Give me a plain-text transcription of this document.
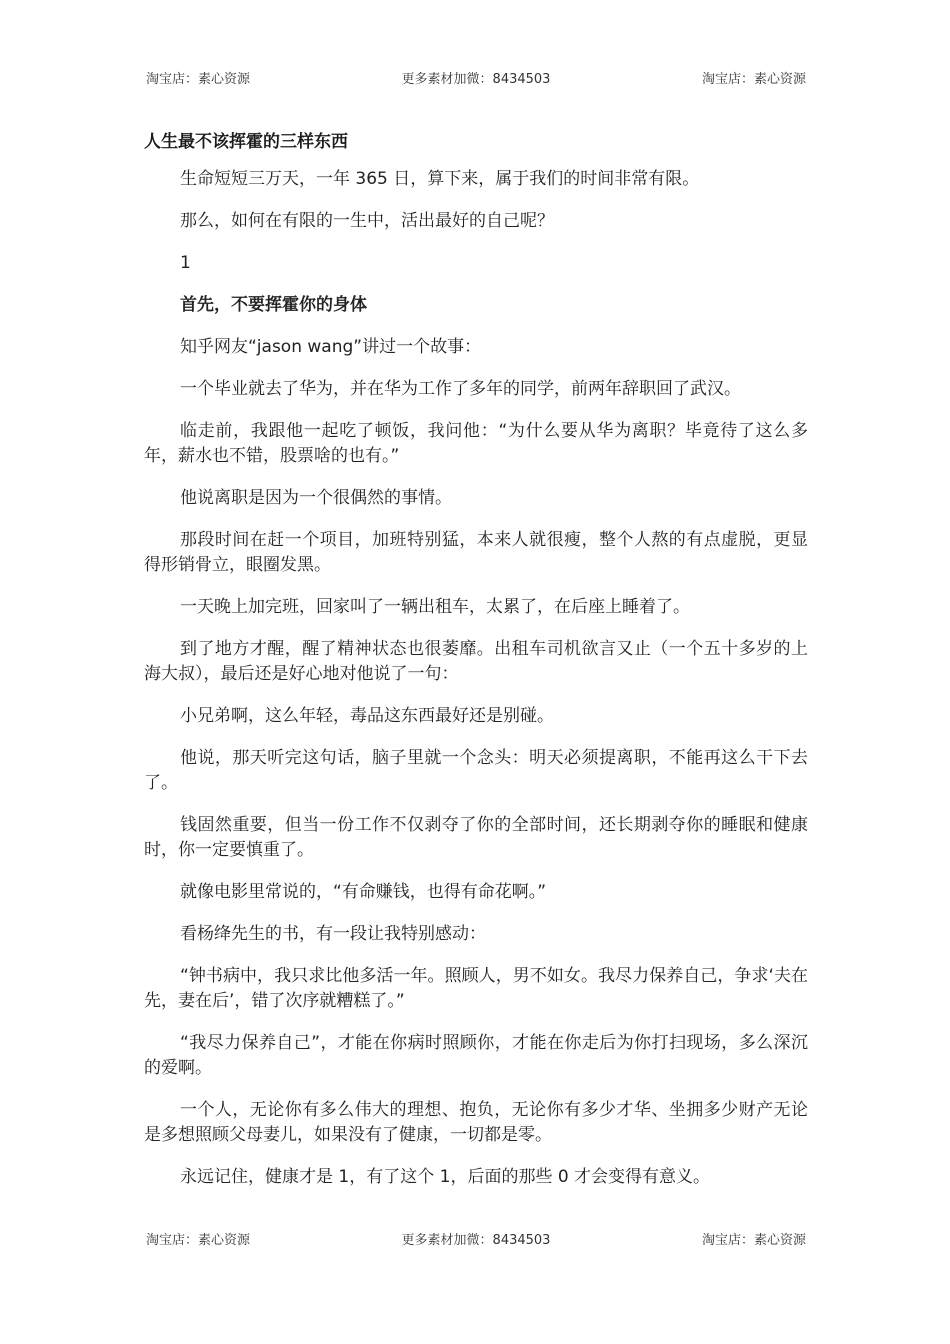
淘宝店：素心资源	更多素材加微：8434503	淘宝店：素心资源
人生最不该挥霍的三样东西

生命短短三万天，一年 365 日，算下来，属于我们的时间非常有限。

那么，如何在有限的一生中，活出最好的自己呢？

1

首先，不要挥霍你的身体

知乎网友“jason wang”讲过一个故事：

一个毕业就去了华为，并在华为工作了多年的同学，前两年辞职回了武汉。

临走前，我跟他一起吃了顿饭，我问他：“为什么要从华为离职？毕竟待了这么多年，薪水也不错，股票啥的也有。”

他说离职是因为一个很偶然的事情。

那段时间在赶一个项目，加班特别猛，本来人就很瘦，整个人熬的有点虚脱，更显得形销骨立，眼圈发黑。

一天晚上加完班，回家叫了一辆出租车，太累了，在后座上睡着了。

到了地方才醒，醒了精神状态也很萎靡。出租车司机欲言又止（一个五十多岁的上海大叔），最后还是好心地对他说了一句：

小兄弟啊，这么年轻，毒品这东西最好还是别碰。

他说，那天听完这句话，脑子里就一个念头：明天必须提离职，不能再这么干下去了。

钱固然重要，但当一份工作不仅剥夺了你的全部时间，还长期剥夺你的睡眠和健康时，你一定要慎重了。

就像电影里常说的，“有命赚钱，也得有命花啊。”

看杨绛先生的书，有一段让我特别感动：

“钟书病中，我只求比他多活一年。照顾人，男不如女。我尽力保养自己，争求‘夫在先，妻在后’，错了次序就糟糕了。”

“我尽力保养自己”，才能在你病时照顾你，才能在你走后为你打扫现场，多么深沉的爱啊。

一个人，无论你有多么伟大的理想、抱负，无论你有多少才华、坐拥多少财产无论是多想照顾父母妻儿，如果没有了健康，一切都是零。

永远记住，健康才是 1，有了这个 1，后面的那些 0 才会变得有意义。

淘宝店：素心资源	更多素材加微：8434503	淘宝店：素心资源
